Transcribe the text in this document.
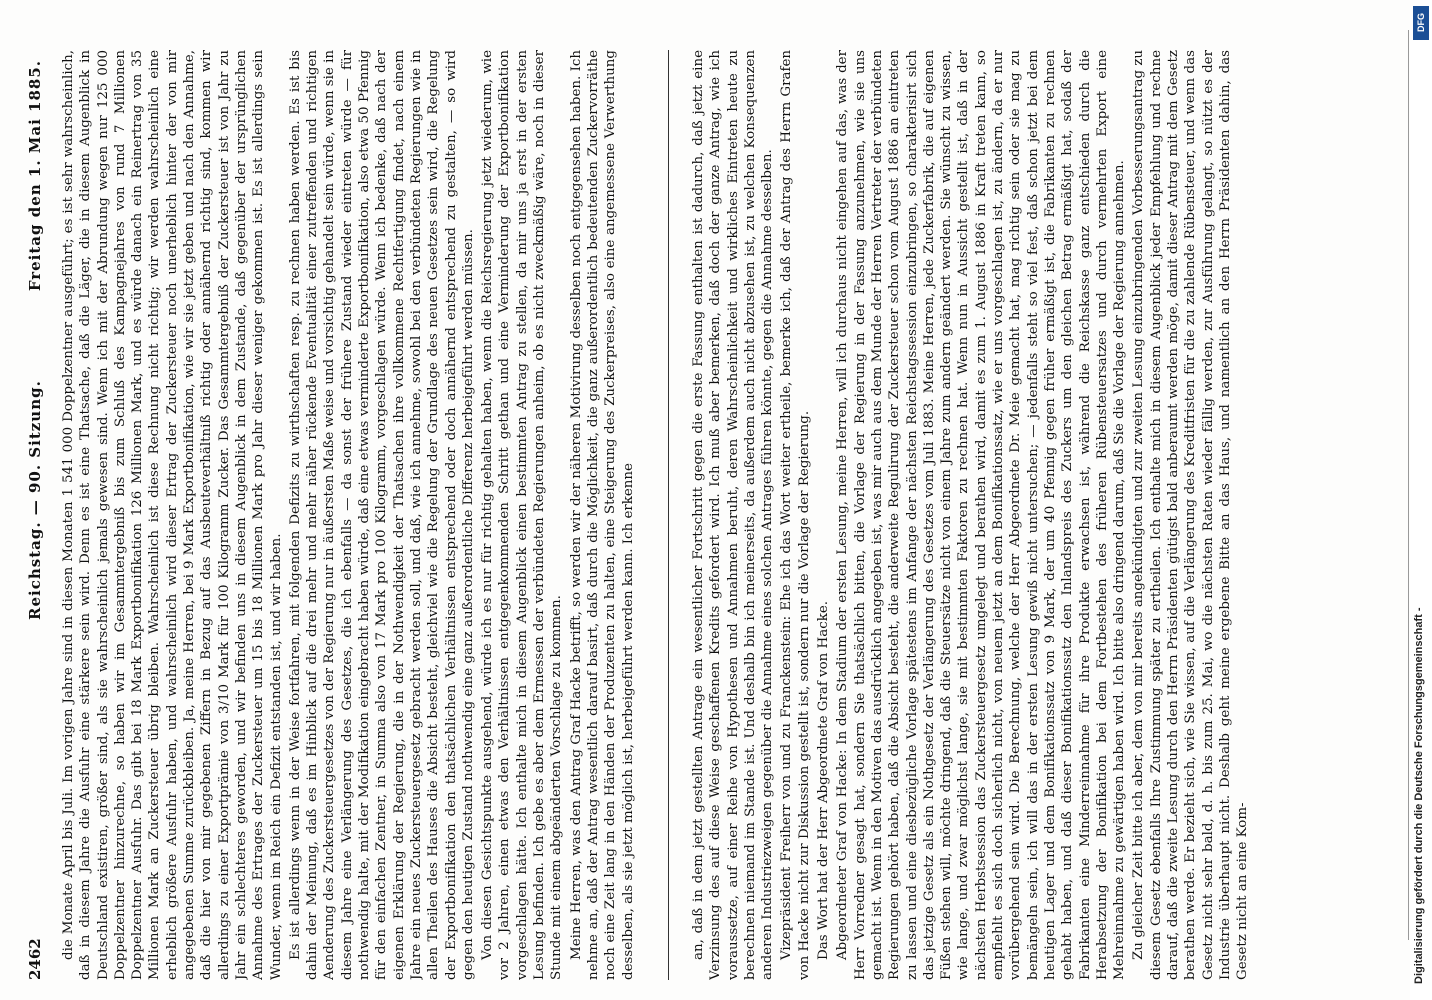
2462
Reichstag. — 90. Sitzung.
Freitag den 1. Mai 1885. die Monate April bis Juli. Im vorigen Jahre sind in diesen Monaten 1 541 000 Doppelzentner ausgeführt; es ist sehr wahrscheinlich, daß in diesem Jahre die Ausfuhr eine stärkere sein wird. Denn es ist eine Thatsache, daß die Läger, die in diesem Augenblick in Deutschland existiren, größer sind, als sie wahrscheinlich jemals gewesen sind. Wenn ich mit der Abrundung wegen nur 125 000 Doppelzentner hinzurechne, so haben wir im Gesammtergebniß bis zum Schluß des Kampagnejahres von rund 7 Millionen Doppelzentner Ausfuhr. Das gibt bei 18 Mark Exportbonifikation 126 Millionen Mark, und es würde danach ein Reinertrag von 35 Millionen Mark an Zuckersteuer übrig bleiben. Wahrscheinlich ist diese Rechnung nicht richtig; wir werden wahrscheinlich eine erheblich größere Ausfuhr haben, und wahrscheinlich wird dieser Ertrag der Zuckersteuer noch unerheblich hinter der von mir angegebenen Summe zurückbleiben. Ja, meine Herren, bei 9 Mark Exportbonifikation, wie wir sie jetzt geben und nach den Annahme, daß die hier von mir gegebenen Ziffern in Bezug auf das Ausbeuteverhältniß richtig oder annähernd richtig sind, kommen wir allerdings zu einer Exportprämie von 3/10 Mark für 100 Kilogramm Zucker. Das Gesammtergebniß der Zuckersteuer ist von Jahr zu Jahr ein schlechteres geworden, und wir befinden uns in diesem Augenblick in dem Zustande, daß gegenüber der ursprünglichen Annahme des Ertrages der Zuckersteuer um 15 bis 18 Millionen Mark pro Jahr dieser weniger gekommen ist. Es ist allerdings sein Wunder, wenn im Reich ein Defizit entstanden ist, und wir haben. Es ist allerdings wenn in der Weise fortfahren, mit folgenden Defizits zu wirthschaften resp. zu rechnen haben werden. Es ist bis dahin der Meinung, daß es im Hinblick auf die drei mehr und mehr näher rückende Eventualität einer zutreffenden und richtigen Aenderung des Zuckersteuergesetzes von der Regierung nur in äußersten Maße weise und vorsichtig gehandelt sein würde, wenn sie in diesem Jahre eine Verlängerung des Gesetzes, die ich ebenfalls — da sonst der frühere Zustand wieder eintreten würde — für nothwendig halte, mit der Modifikation eingebracht haben würde, daß eine etwas verminderte Exportbonifikation, also etwa 50 Pfennig für den einfachen Zentner, in Summa also von 17 Mark pro 100 Kilogramm, vorgeschlagen würde. Wenn ich bedenke, daß nach der eigenen Erklärung der Regierung, die in der Nothwendigkeit der Thatsachen ihre vollkommene Rechtfertigung findet, nach einem Jahre ein neues Zuckersteuergesetz gebracht werden soll, und daß, wie ich annehme, sowohl bei den verbündeten Regierungen wie in allen Theilen des Hauses die Absicht besteht, gleichviel wie die Regelung der Grundlage des neuen Gesetzes sein wird, die Regelung der Exportbonifikation den thatsächlichen Verhältnissen entsprechend oder doch annähernd entsprechend zu gestalten, — so wird gegen den heutigen Zustand nothwendig eine ganz außerordentliche Differenz herbeigeführt werden müssen. Von diesen Gesichtspunkte ausgehend, würde ich es nur für richtig gehalten haben, wenn die Reichsregierung jetzt wiederum, wie vor 2 Jahren, einen etwas den Verhältnissen entgegenkommenden Schritt gethan und eine Verminderung der Exportbonifikation vorgeschlagen hätte. Ich enthalte mich in diesem Augenblick einen bestimmten Antrag zu stellen, da mir uns ja erst in der ersten Lesung befinden. Ich gebe es aber dem Ermessen der verbündeten Regierungen anheim, ob es nicht zweckmäßig wäre, noch in dieser Stunde mit einem abgeänderten Vorschlage zu kommen. Meine Herren, was den Antrag Graf Hacke betrifft, so werden wir der näheren Motivirung desselben noch entgegensehen haben. Ich nehme an, daß der Antrag wesentlich darauf basirt, daß durch die Möglichkeit, die ganz außerordentlich bedeutenden Zuckervorräthe noch eine Zeit lang in den Händen der Produzenten zu halten, eine Steigerung des Zuckerpreises, also eine angemessene Verwerthung desselben, als sie jetzt möglich ist, herbeigeführt werden kann. Ich erkenne	an, daß in dem jetzt gestellten Antrage ein wesentlicher Fortschritt gegen die erste Fassung enthalten ist dadurch, daß jetzt eine Verzinsung des auf diese Weise geschaffenen Kredits gefordert wird. Ich muß aber bemerken, daß doch der ganze Antrag, wie ich voraussetze, auf einer Reihe von Hypothesen und Annahmen beruht, deren Wahrscheinlichkeit und wirkliches Eintreten heute zu berechnen niemand im Stande ist. Und deshalb bin ich meinerseits, da außerdem auch nicht abzusehen ist, zu welchen Konsequenzen anderen Industriezweigen gegenüber die Annahme eines solchen Antrages führen könnte, gegen die Annahme desselben. Vizepräsident Freiherr von und zu Franckenstein: Ehe ich das Wort weiter ertheile, bemerke ich, daß der Antrag des Herrn Grafen von Hacke nicht zur Diskussion gestellt ist, sondern nur die Vorlage der Regierung. Das Wort hat der Herr Abgeordnete Graf von Hacke. Abgeordneter Graf von Hacke: In dem Stadium der ersten Lesung, meine Herren, will ich durchaus nicht eingehen auf das, was der Herr Vorredner gesagt hat, sondern Sie thatsächlich bitten, die Vorlage der Regierung in der Fassung anzunehmen, wie sie uns gemacht ist. Wenn in den Motiven das ausdrücklich angegeben ist, was mir auch aus dem Munde der Herren Vertreter der verbündeten Regierungen gehört haben, daß die Absicht besteht, die anderweite Regulirung der Zuckersteuer schon vom August 1886 an eintreten zu lassen und eine diesbezügliche Vorlage spätestens im Anfange der nächsten Reichstagssession einzubringen, so charakterisirt sich das jetzige Gesetz als ein Nothgesetz der Verlängerung des Gesetzes vom Juli 1883. Meine Herren, jede Zuckerfabrik, die auf eigenen Füßen stehen will, möchte dringend, daß die Steuersätze nicht von einem Jahre zum andern geändert werden. Sie wünscht zu wissen, wie lange, und zwar möglichst lange, sie mit bestimmten Faktoren zu rechnen hat. Wenn nun in Aussicht gestellt ist, daß in der nächsten Herbstsession das Zuckersteuergesetz umgelegt und berathen wird, damit es zum 1. August 1886 in Kraft treten kann, so empfiehlt es sich doch sicherlich nicht, von neuem jetzt an dem Bonifikationssatz, wie er uns vorgeschlagen ist, zu ändern, da er nur vorübergehend sein wird. Die Berechnung, welche der Herr Abgeordnete Dr. Meie gemacht hat, mag richtig sein oder sie mag zu bemängeln sein, ich will das in der ersten Lesung gewiß nicht untersuchen; — jedenfalls steht so viel fest, daß schon jetzt bei dem heutigen Lager und dem Bonifikationssatz von 9 Mark, der um 40 Pfennig gegen früher ermäßigt ist, die Fabrikanten zu rechnen gehabt haben, und daß dieser Bonifikationssatz den Inlandspreis des Zuckers um den gleichen Betrag ermäßigt hat, sodaß der Fabrikanten eine Minderreinnahme für ihre Produkte erwachsen ist, während die Reichskasse ganz entschieden durch die Herabsetzung der Bonifikation bei dem Fortbestehen des früheren Rübensteuersatzes und durch vermehrten Export eine Mehreinnahme zu gewärtigen haben wird. Ich bitte also dringend darum, daß Sie die Vorlage der Regierung annehmen. Zu gleicher Zeit bitte ich aber, dem von mir bereits angekündigten und zur zweiten Lesung einzubringenden Vorbesserungsantrag zu diesem Gesetz ebenfalls Ihre Zustimmung später zu ertheilen. Ich enthalte mich in diesem Augenblick jeder Empfehlung und rechne darauf, daß die zweite Lesung durch den Herrn Präsidenten gütigst bald anberaumt werden möge, damit dieser Antrag mit dem Gesetz berathen werde. Er bezieht sich, wie Sie wissen, auf die Verlängerung des Kreditfristen für die zu zahlende Rübensteuer, und wenn das Gesetz nicht sehr bald, d. h. bis zum 25. Mai, wo die nächsten Raten wieder fällig werden, zur Ausführung gelangt, so nützt es der Industrie überhaupt nicht. Deshalb geht meine ergebene Bitte an das Haus, und namentlich an den Herrn Präsidenten dahin, das Gesetz nicht an eine Kom-

DFG
Digitalisierung gefördert durch die Deutsche Forschungsgemeinschaft -
